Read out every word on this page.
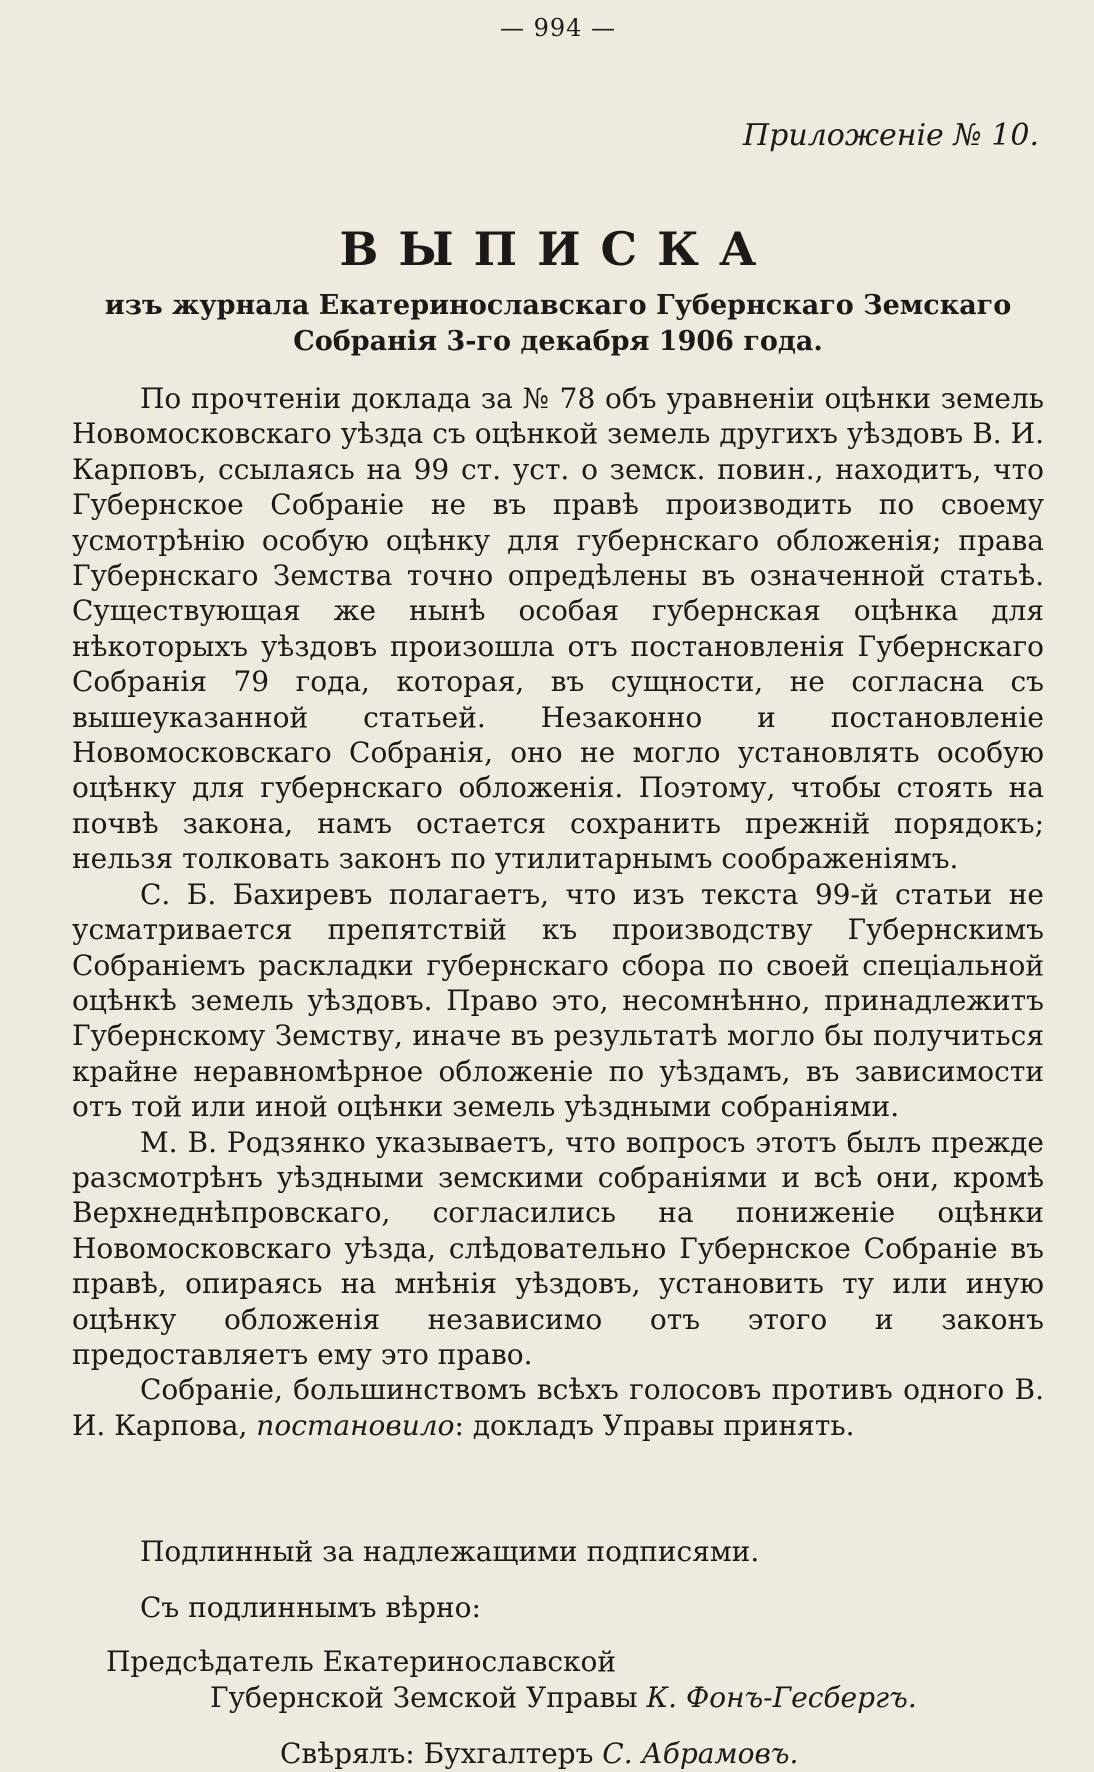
— 994 —
Приложеніе № 10.
ВЫПИСКА
изъ журнала Екатеринославскаго Губернскаго Земскаго
Собранія 3-го декабря 1906 года.

По прочтеніи доклада за № 78 объ уравненіи оцѣнки земель Новомосковскаго уѣзда съ оцѣнкой земель другихъ уѣздовъ В. И. Карповъ, ссылаясь на 99 ст. уст. о земск. повин., находитъ, что Губернское Собраніе не въ правѣ производить по своему усмотрѣнію особую оцѣнку для губернскаго обложенія; права Губернскаго Земства точно опредѣлены въ означенной статьѣ. Существующая же нынѣ особая губернская оцѣнка для нѣкоторыхъ уѣздовъ произошла отъ постановленія Губернскаго Собранія 79 года, которая, въ сущности, не согласна съ вышеуказанной статьей. Незаконно и постановленіе Новомосковскаго Собранія, оно не могло установлять особую оцѣнку для губернскаго обложенія. Поэтому, чтобы стоять на почвѣ закона, намъ остается сохранить прежній порядокъ; нельзя толковать законъ по утилитарнымъ соображеніямъ.

С. Б. Бахиревъ полагаетъ, что изъ текста 99-й статьи не усматривается препятствій къ производству Губернскимъ Собраніемъ раскладки губернскаго сбора по своей спеціальной оцѣнкѣ земель уѣздовъ. Право это, несомнѣнно, принадлежитъ Губернскому Земству, иначе въ результатѣ могло бы получиться крайне неравномѣрное обложеніе по уѣздамъ, въ зависимости отъ той или иной оцѣнки земель уѣздными собраніями.

М. В. Родзянко указываетъ, что вопросъ этотъ былъ прежде разсмотрѣнъ уѣздными земскими собраніями и всѣ они, кромѣ Верхнеднѣпровскаго, согласились на пониженіе оцѣнки Новомосковскаго уѣзда, слѣдовательно Губернское Собраніе въ правѣ, опираясь на мнѣнія уѣздовъ, установить ту или иную оцѣнку обложенія независимо отъ этого и законъ предоставляетъ ему это право.

Собраніе, большинствомъ всѣхъ голосовъ противъ одного В. И. Карпова, постановило: докладъ Управы принять.

Подлинный за надлежащими подписями.
Съ подлиннымъ вѣрно:
Предсѣдатель Екатеринославской
Губернской Земской Управы К. Фонъ-Гесбергъ.
Свѣрялъ: Бухгалтеръ С. Абрамовъ.
